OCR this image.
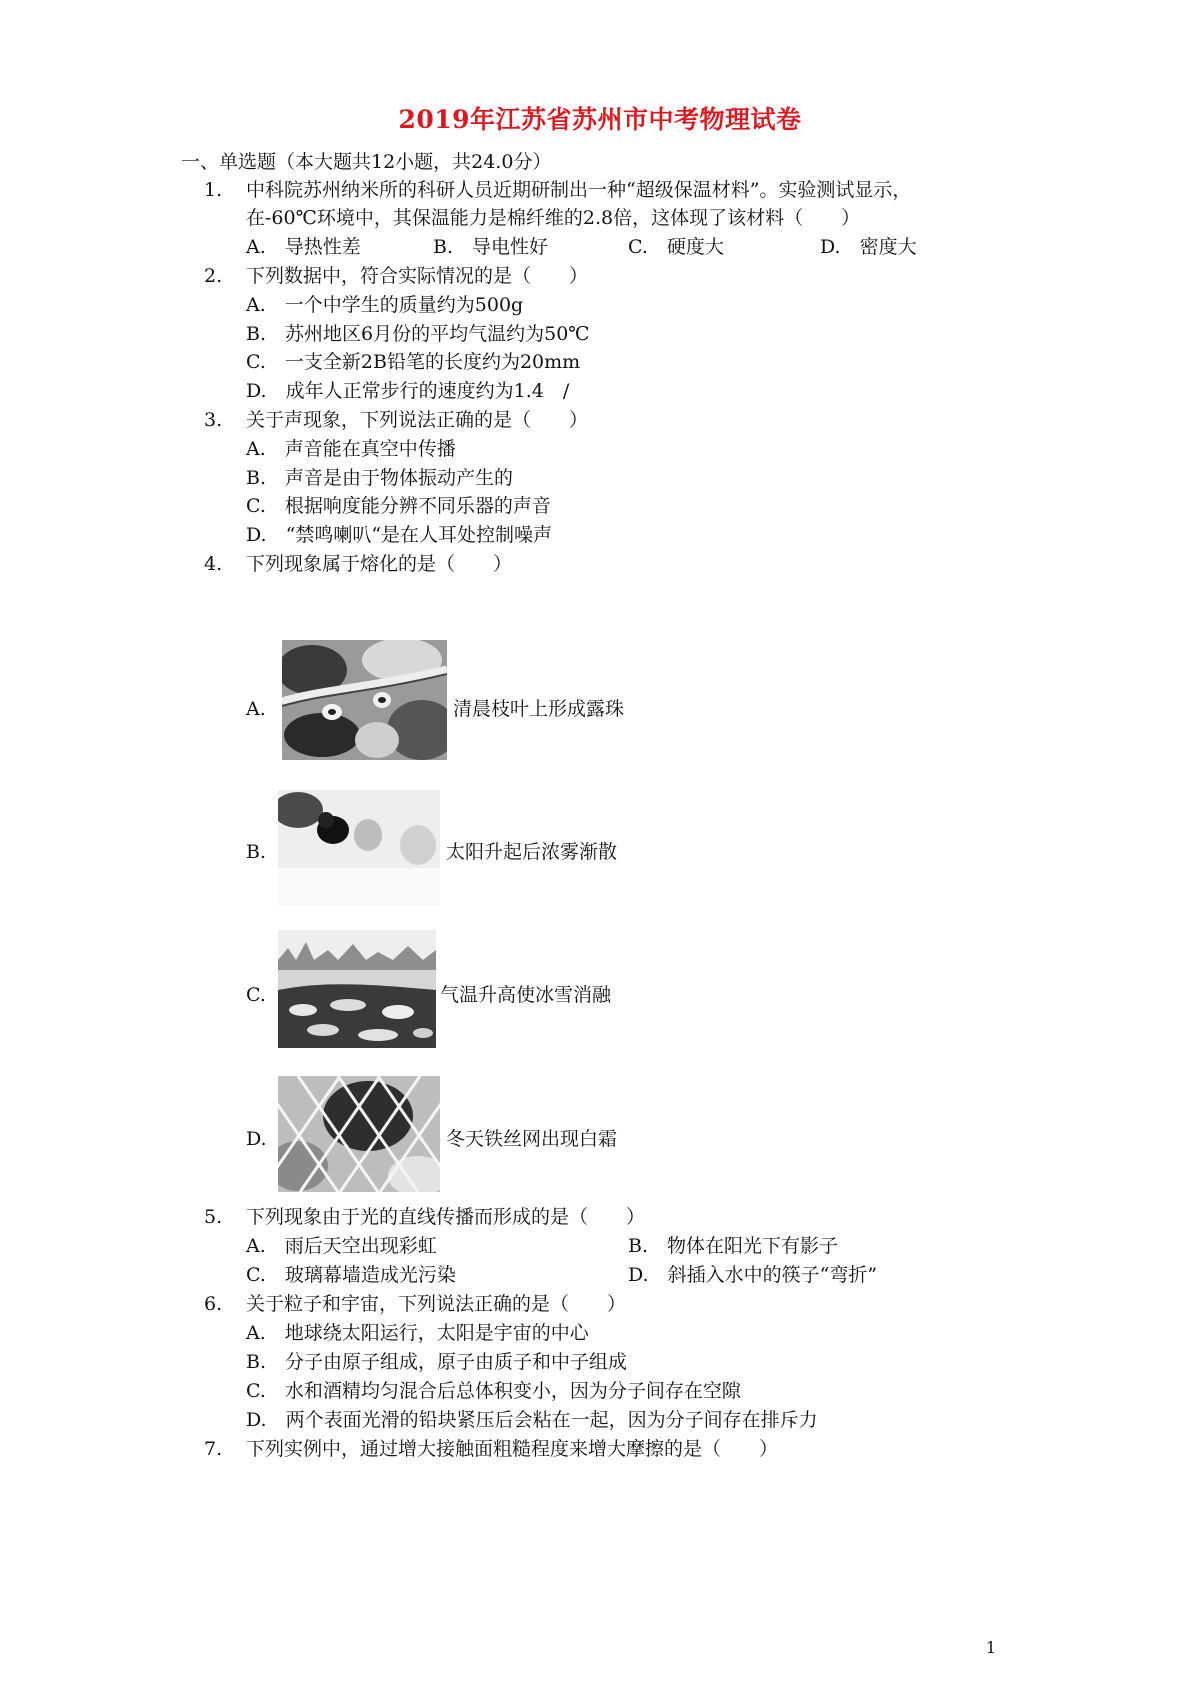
2019年江苏省苏州市中考物理试卷
一、单选题（本大题共12小题，共24.0分）
1. 中科院苏州纳米所的科研人员近期研制出一种“超级保温材料”。实验测试显示，
在-60℃环境中，其保温能力是棉纤维的2.8倍，这体现了该材料（　　）
A.　 导热性差	B.　 导电性好	C.　 硬度大	D.　 密度大
2. 下列数据中，符合实际情况的是（　　）
A.　 一个中学生的质量约为500g
B.　 苏州地区6月份的平均气温约为50℃
C.　 一支全新2B铅笔的长度约为20mm
D.　 成年人正常步行的速度约为1.4　/
3. 关于声现象，下列说法正确的是（　　）
A.　 声音能在真空中传播
B.　 声音是由于物体振动产生的
C.　 根据响度能分辨不同乐器的声音
D.　 “禁鸣喇叭“是在人耳处控制噪声
4. 下列现象属于熔化的是（　　）
A.	清晨枝叶上形成露珠
B.	太阳升起后浓雾渐散
C.	气温升高使冰雪消融
D.	冬天铁丝网出现白霜
5. 下列现象由于光的直线传播而形成的是（　　）
A.　 雨后天空出现彩虹	B.　 物体在阳光下有影子
C.　 玻璃幕墙造成光污染	D.　 斜插入水中的筷子“弯折”
6. 关于粒子和宇宙，下列说法正确的是（　　）
A.　 地球绕太阳运行，太阳是宇宙的中心
B.　 分子由原子组成，原子由质子和中子组成
C.　 水和酒精均匀混合后总体积变小，因为分子间存在空隙
D.　 两个表面光滑的铅块紧压后会粘在一起，因为分子间存在排斥力
7. 下列实例中，通过增大接触面粗糙程度来增大摩擦的是（　　）
1
